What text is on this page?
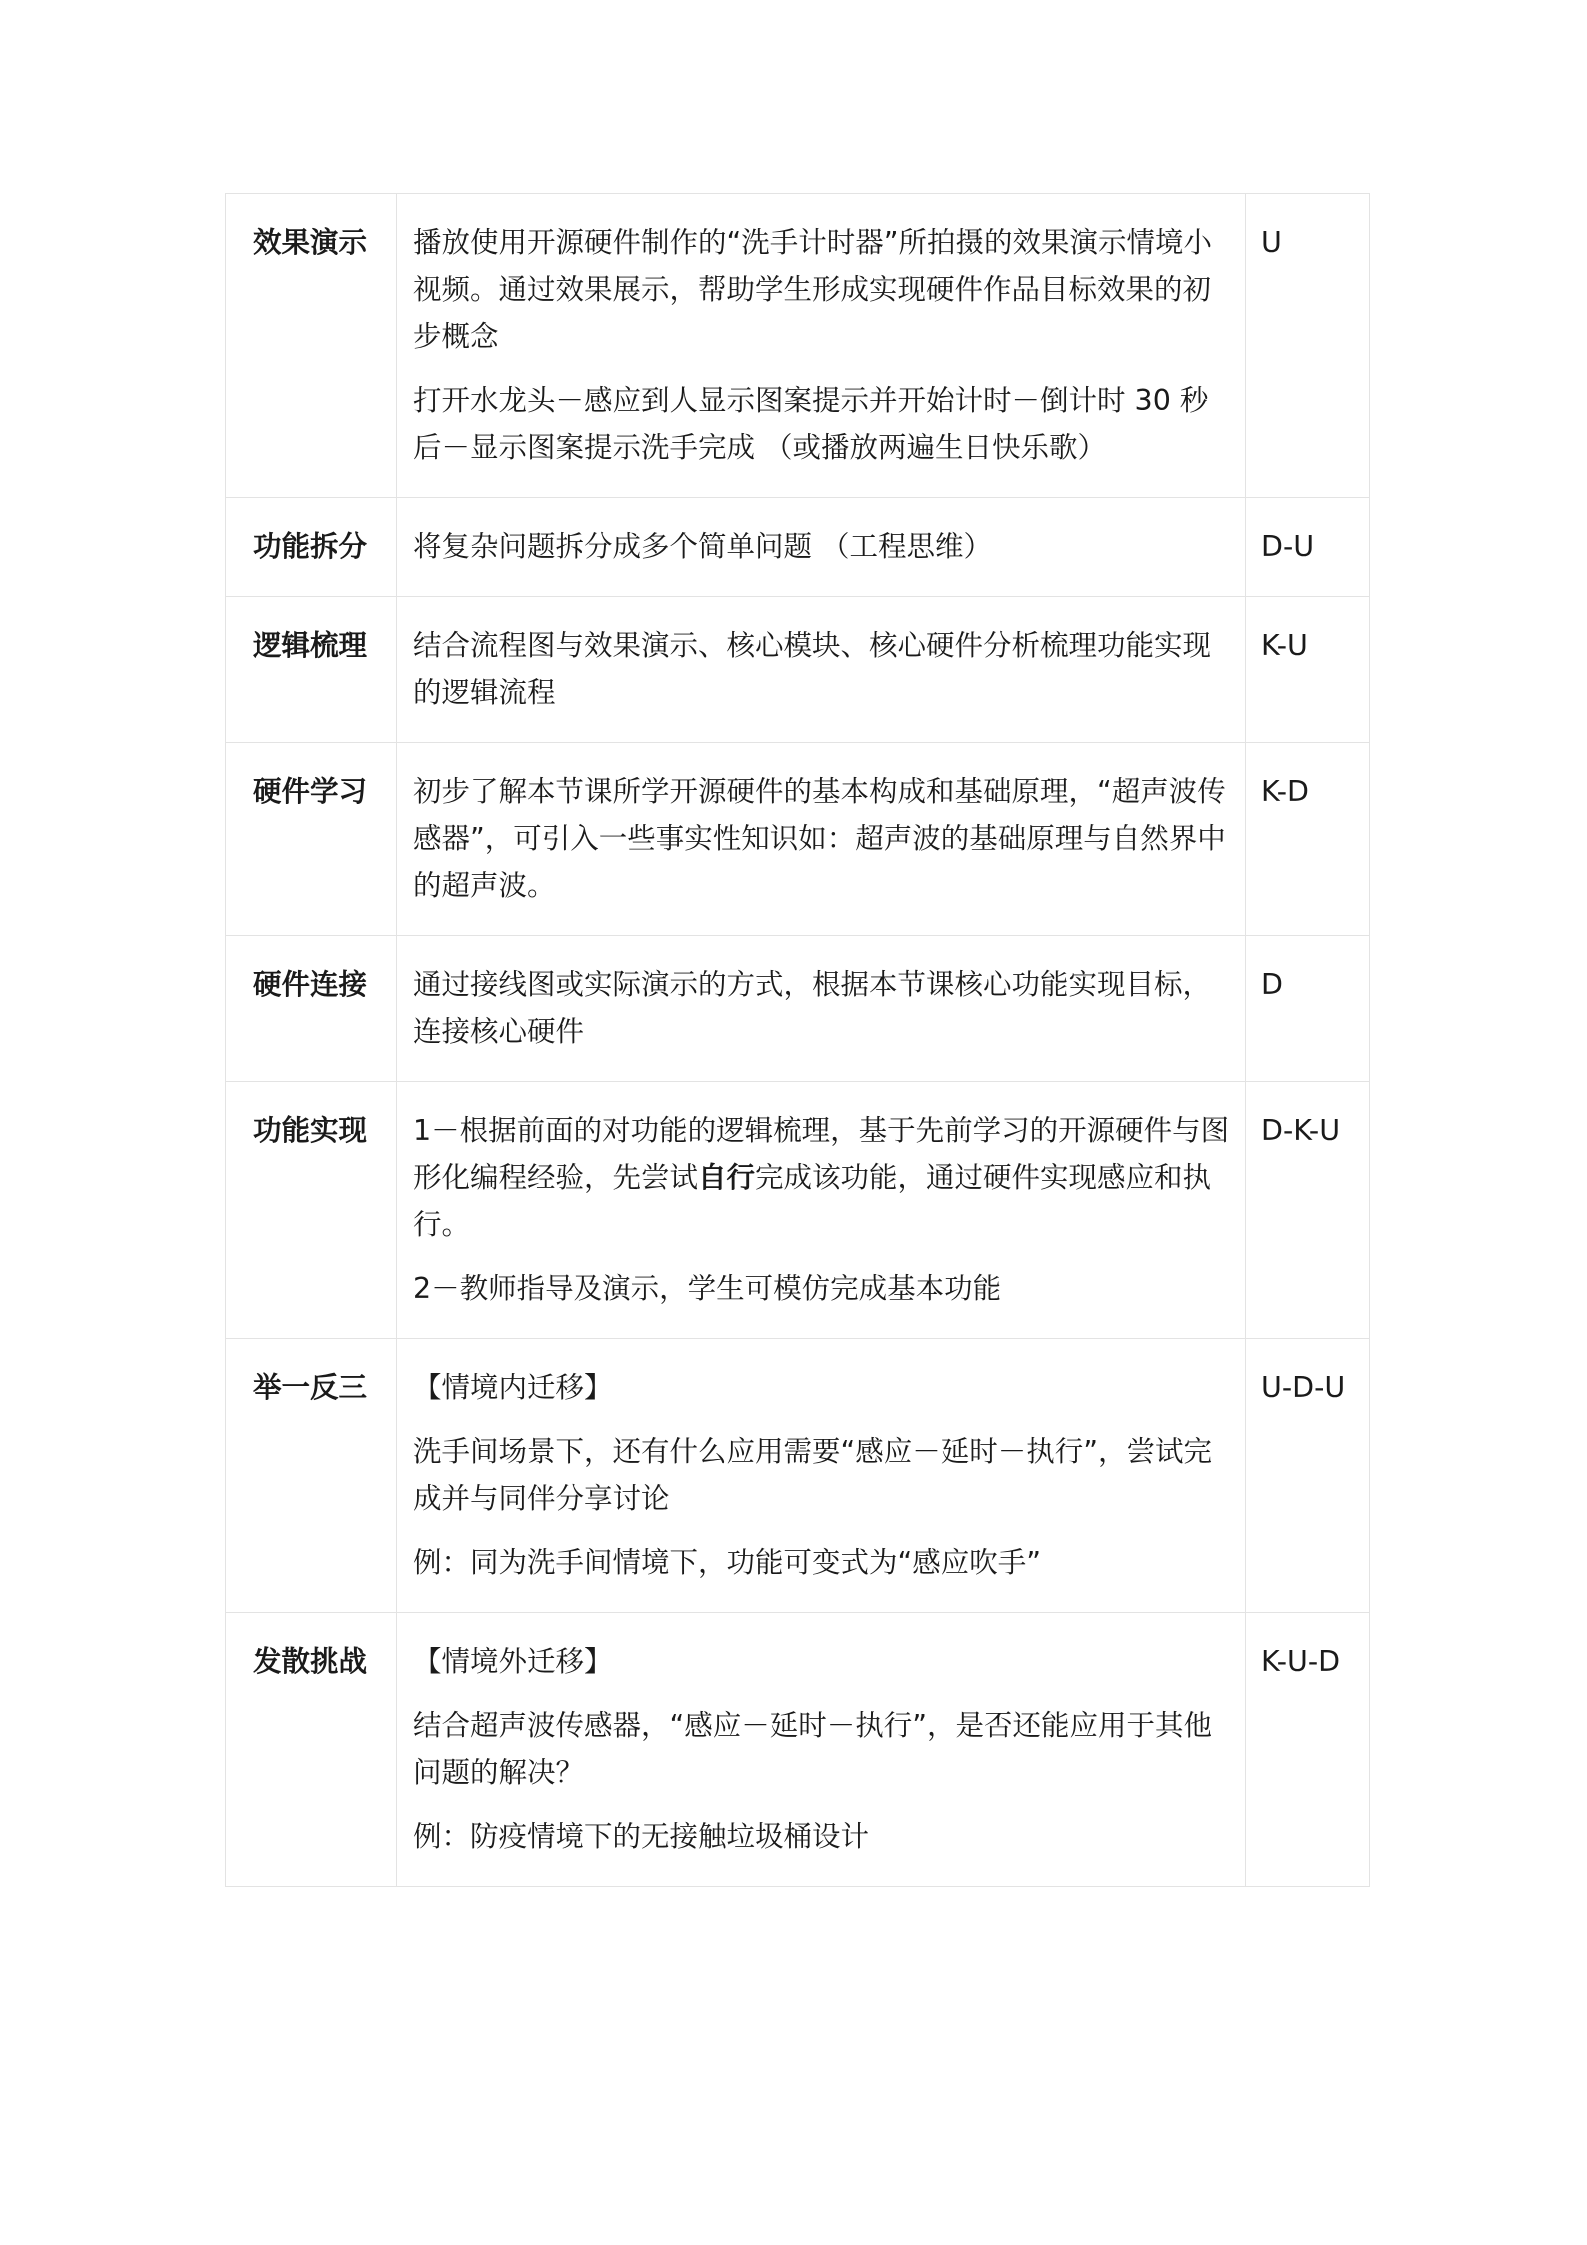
效果演示	播放使用开源硬件制作的“洗手计时器”所拍摄的效果演示情境小视频。通过效果展示，帮助学生形成实现硬件作品目标效果的初步概念

打开水龙头－感应到人显示图案提示并开始计时－倒计时 30 秒后－显示图案提示洗手完成 （或播放两遍生日快乐歌）	U
功能拆分	将复杂问题拆分成多个简单问题 （工程思维）	D-U
逻辑梳理	结合流程图与效果演示、核心模块、核心硬件分析梳理功能实现的逻辑流程	K-U
硬件学习	初步了解本节课所学开源硬件的基本构成和基础原理，“超声波传感器”，可引入一些事实性知识如：超声波的基础原理与自然界中的超声波。	K-D
硬件连接	通过接线图或实际演示的方式，根据本节课核心功能实现目标，连接核心硬件	D
功能实现	1－根据前面的对功能的逻辑梳理，基于先前学习的开源硬件与图形化编程经验，先尝试自行完成该功能，通过硬件实现感应和执行。

2－教师指导及演示，学生可模仿完成基本功能	D-K-U
举一反三	【情境内迁移】

洗手间场景下，还有什么应用需要“感应－延时－执行”，尝试完成并与同伴分享讨论

例：同为洗手间情境下，功能可变式为“感应吹手”	U-D-U
发散挑战	【情境外迁移】

结合超声波传感器，“感应－延时－执行”，是否还能应用于其他问题的解决？

例：防疫情境下的无接触垃圾桶设计	K-U-D
